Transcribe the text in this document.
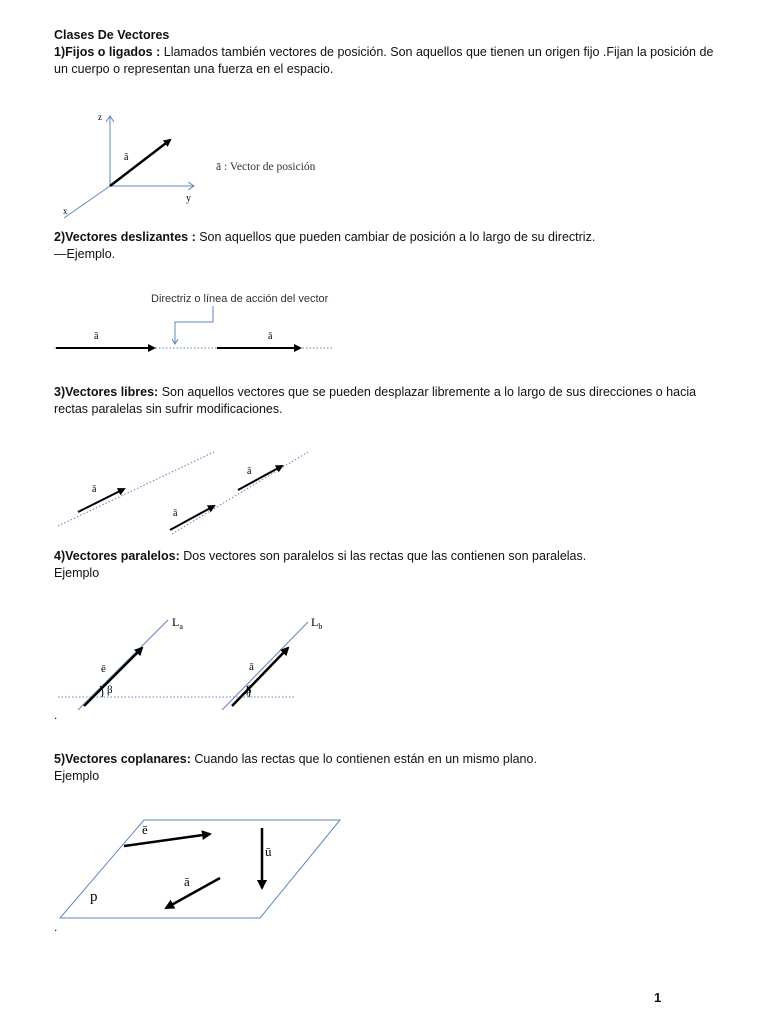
Clases De Vectores
1)Fijos o ligados : Llamados también vectores de posición. Son aquellos que tienen un origen fijo .Fijan la posición de un cuerpo o representan una fuerza en el espacio.
z
y
x
ā
ā : Vector de posición
2)Vectores deslizantes : Son aquellos que pueden cambiar de posición a lo largo de su directriz.
—Ejemplo.
Directriz o línea de acción del vector
ā	ā
3)Vectores libres: Son aquellos vectores que se pueden desplazar libremente a lo largo de sus direcciones o hacia rectas paralelas sin sufrir modificaciones.
ā
ā
ā
4)Vectores paralelos: Dos vectores son paralelos si las rectas que las contienen son paralelas.
Ejemplo
$L_a$	$L_b$
ē	ā
β	β
.
5)Vectores coplanares: Cuando las rectas que lo contienen están en un mismo plano.
Ejemplo
ē
ū
ā
p
.
1
